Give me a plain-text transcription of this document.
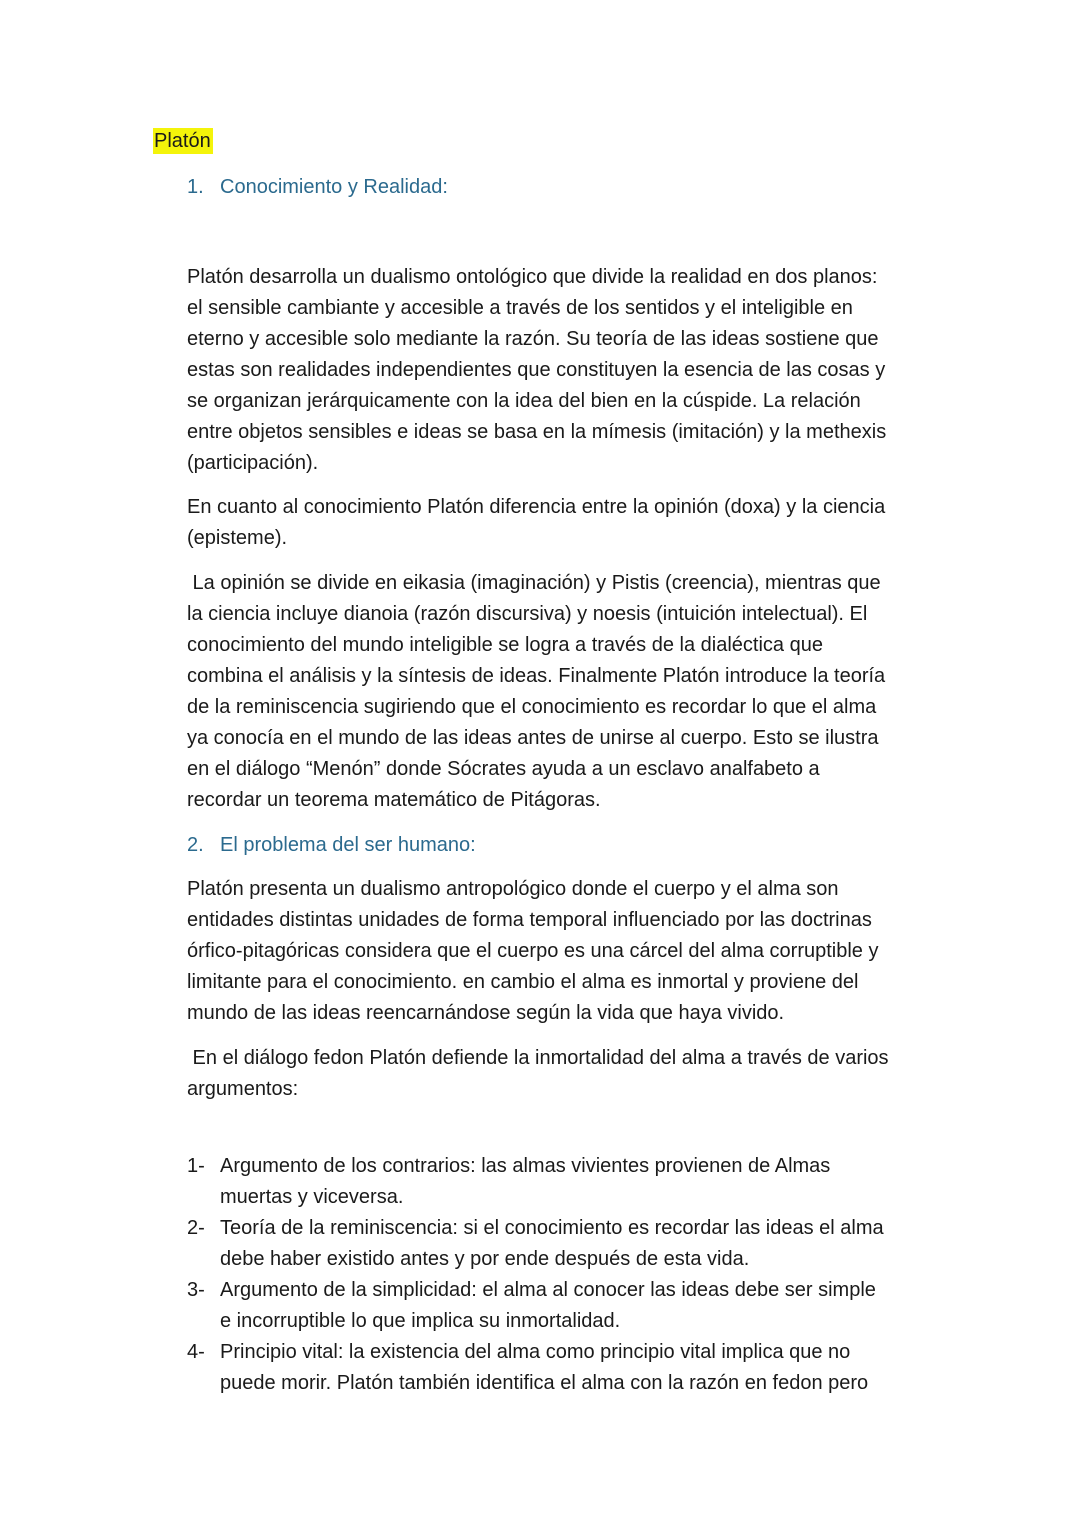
Platón
1. Conocimiento y Realidad:
Platón desarrolla un dualismo ontológico que divide la realidad en dos planos:
el sensible cambiante y accesible a través de los sentidos y el inteligible en
eterno y accesible solo mediante la razón. Su teoría de las ideas sostiene que
estas son realidades independientes que constituyen la esencia de las cosas y
se organizan jerárquicamente con la idea del bien en la cúspide. La relación
entre objetos sensibles e ideas se basa en la mímesis (imitación) y la methexis
(participación).
En cuanto al conocimiento Platón diferencia entre la opinión (doxa) y la ciencia
(episteme).
La opinión se divide en eikasia (imaginación) y Pistis (creencia), mientras que
la ciencia incluye dianoia (razón discursiva) y noesis (intuición intelectual). El
conocimiento del mundo inteligible se logra a través de la dialéctica que
combina el análisis y la síntesis de ideas. Finalmente Platón introduce la teoría
de la reminiscencia sugiriendo que el conocimiento es recordar lo que el alma
ya conocía en el mundo de las ideas antes de unirse al cuerpo. Esto se ilustra
en el diálogo “Menón” donde Sócrates ayuda a un esclavo analfabeto a
recordar un teorema matemático de Pitágoras.
2. El problema del ser humano:
Platón presenta un dualismo antropológico donde el cuerpo y el alma son
entidades distintas unidades de forma temporal influenciado por las doctrinas
órfico-pitagóricas considera que el cuerpo es una cárcel del alma corruptible y
limitante para el conocimiento. en cambio el alma es inmortal y proviene del
mundo de las ideas reencarnándose según la vida que haya vivido.
En el diálogo fedon Platón defiende la inmortalidad del alma a través de varios
argumentos:
1- Argumento de los contrarios: las almas vivientes provienen de Almas
muertas y viceversa.
2- Teoría de la reminiscencia: si el conocimiento es recordar las ideas el alma
debe haber existido antes y por ende después de esta vida.
3- Argumento de la simplicidad: el alma al conocer las ideas debe ser simple
e incorruptible lo que implica su inmortalidad.
4- Principio vital: la existencia del alma como principio vital implica que no
puede morir. Platón también identifica el alma con la razón en fedon pero
